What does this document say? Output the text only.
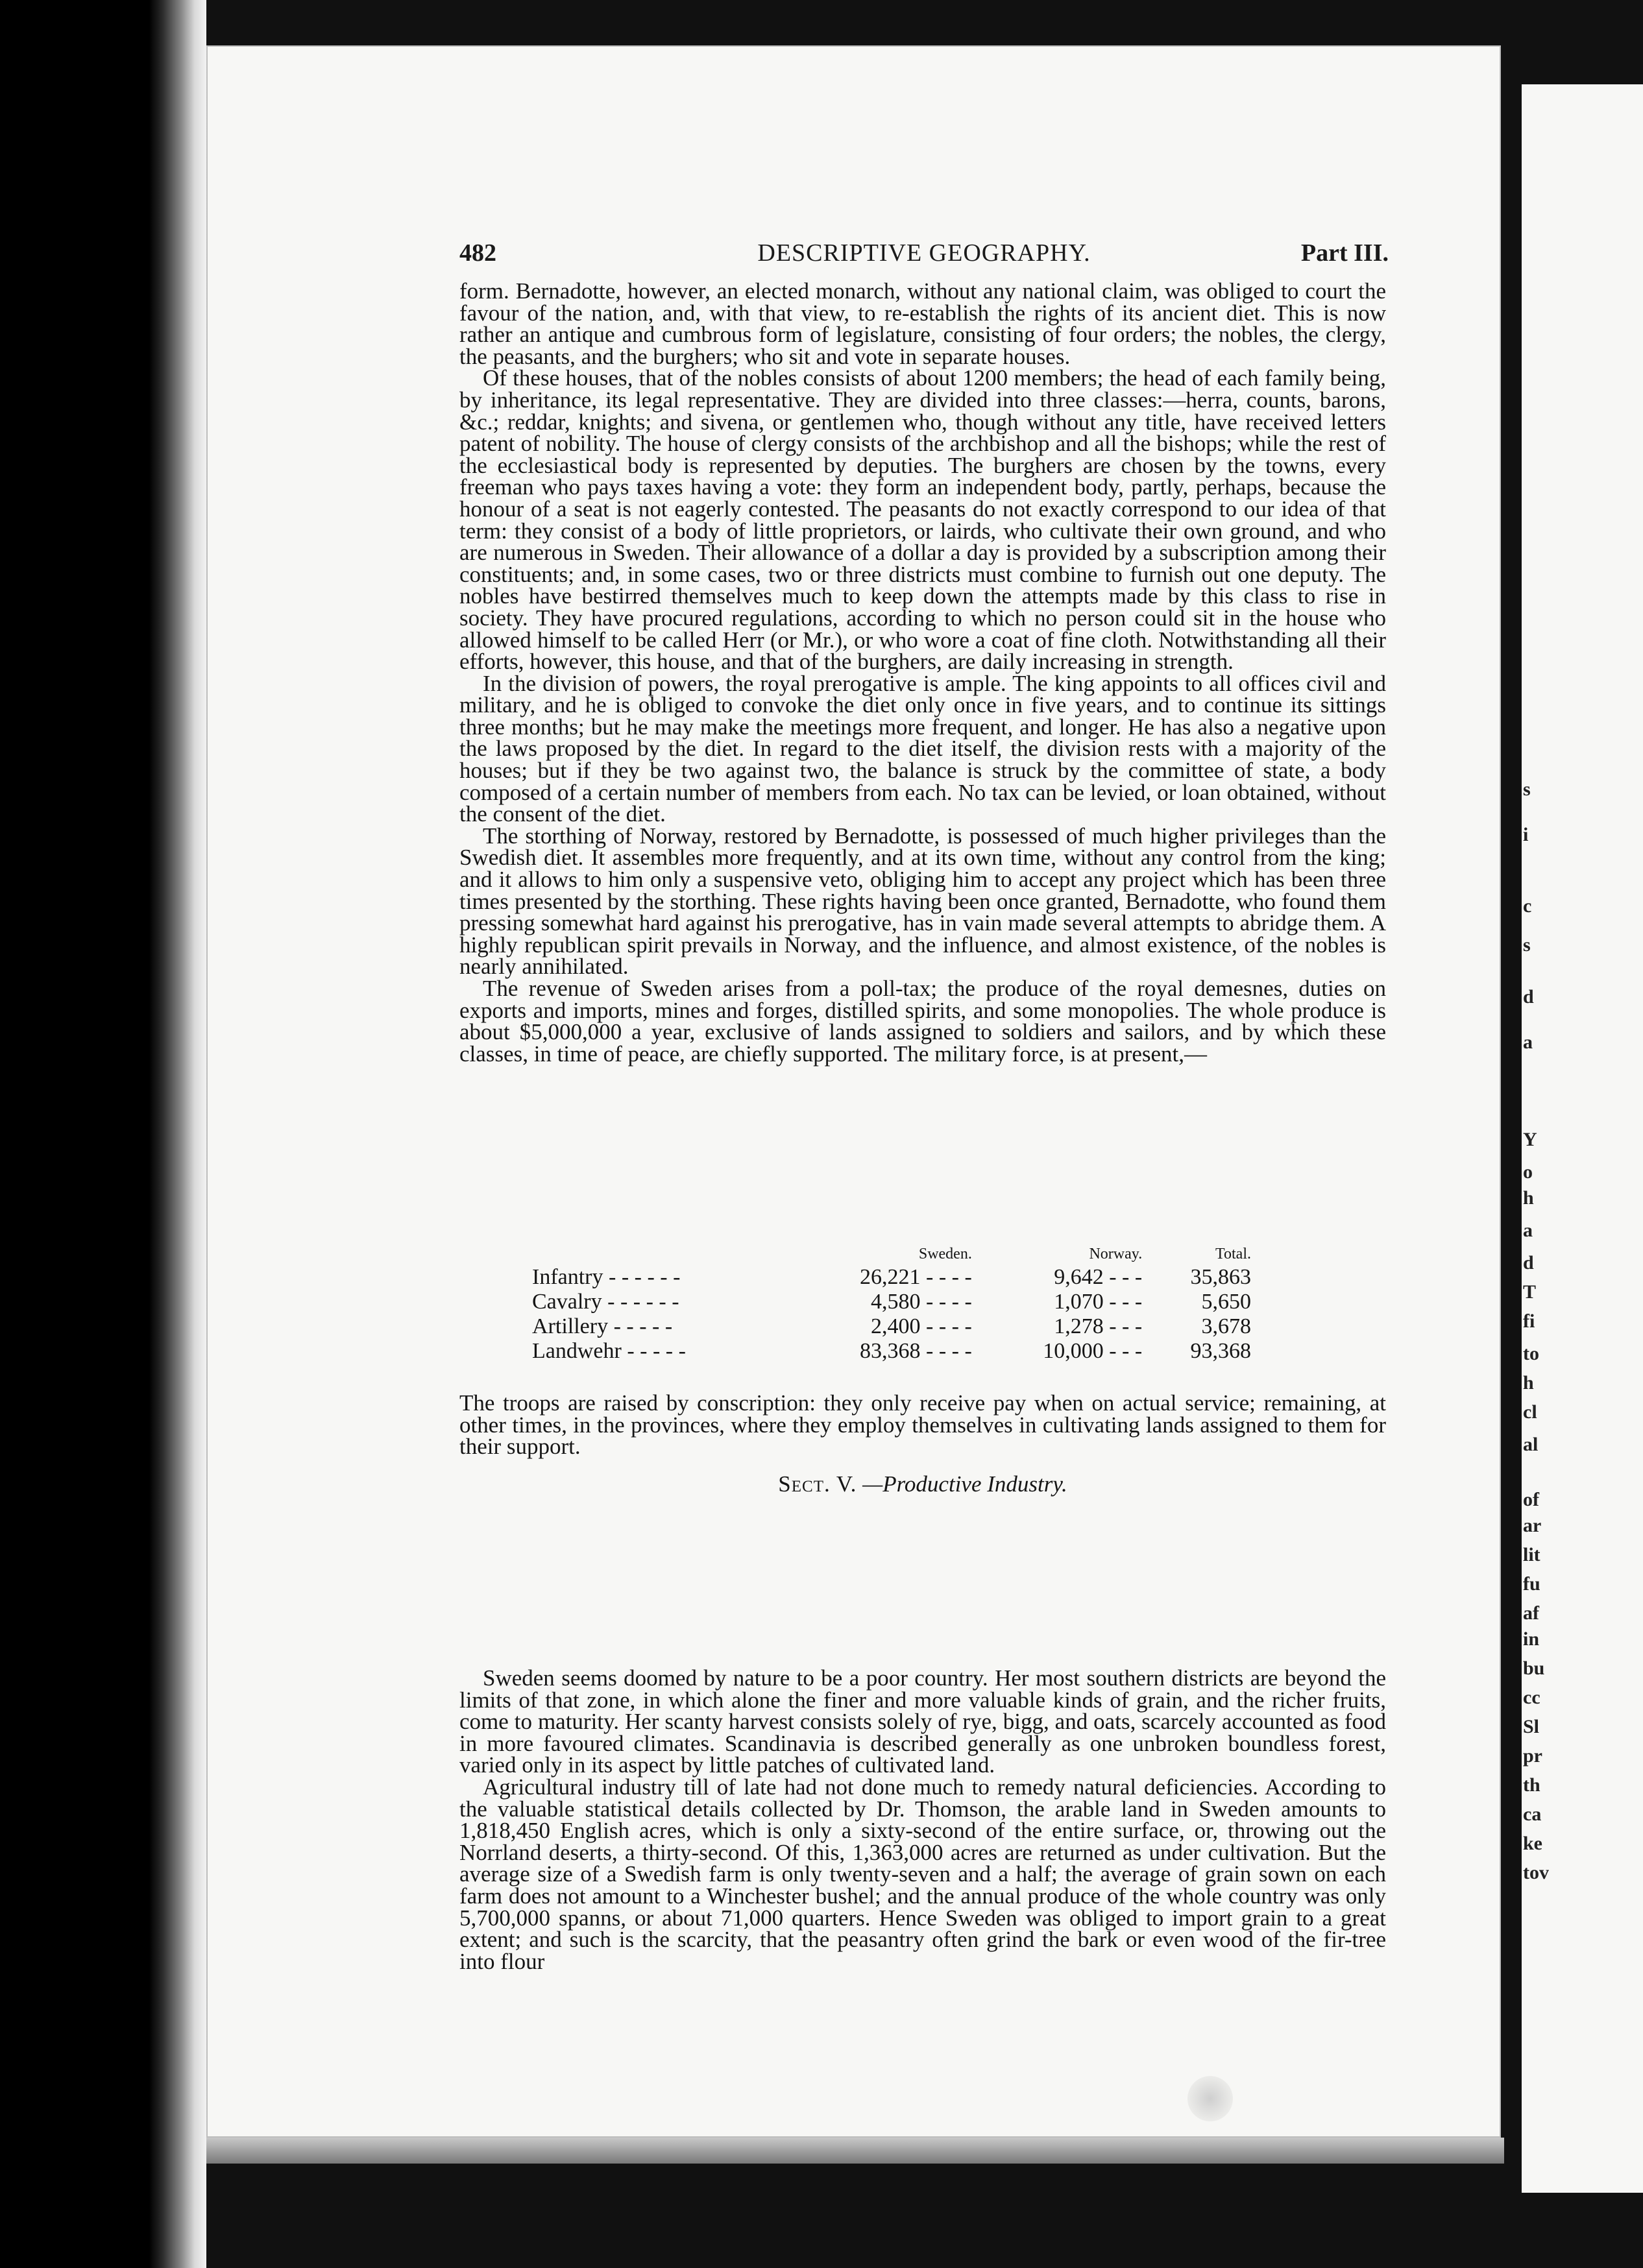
s
i
c
s
d
a
Y
o
h
a
d
T
fi
to
h
cl
al
of
ar
lit
fu
af
in
bu
cc
Sl
pr
th
ca
ke
tov
482	DESCRIPTIVE GEOGRAPHY.	Part III.

form. Bernadotte, however, an elected monarch, without any national claim, was obliged to court the favour of the nation, and, with that view, to re-establish the rights of its ancient diet. This is now rather an antique and cumbrous form of legislature, consisting of four orders; the nobles, the clergy, the peasants, and the burghers; who sit and vote in separate houses.

Of these houses, that of the nobles consists of about 1200 members; the head of each family being, by inheritance, its legal representative. They are divided into three classes:—herra, counts, barons, &c.; reddar, knights; and sivena, or gentlemen who, though without any title, have received letters patent of nobility. The house of clergy consists of the archbishop and all the bishops; while the rest of the ecclesiastical body is represented by deputies. The burghers are chosen by the towns, every freeman who pays taxes having a vote: they form an independent body, partly, perhaps, because the honour of a seat is not eagerly contested. The peasants do not exactly correspond to our idea of that term: they consist of a body of little proprietors, or lairds, who cultivate their own ground, and who are numerous in Sweden. Their allowance of a dollar a day is provided by a subscription among their constituents; and, in some cases, two or three districts must combine to furnish out one deputy. The nobles have bestirred themselves much to keep down the attempts made by this class to rise in society. They have procured regulations, according to which no person could sit in the house who allowed himself to be called Herr (or Mr.), or who wore a coat of fine cloth. Notwithstanding all their efforts, however, this house, and that of the burghers, are daily increasing in strength.

In the division of powers, the royal prerogative is ample. The king appoints to all offices civil and military, and he is obliged to convoke the diet only once in five years, and to continue its sittings three months; but he may make the meetings more frequent, and longer. He has also a negative upon the laws proposed by the diet. In regard to the diet itself, the division rests with a majority of the houses; but if they be two against two, the balance is struck by the committee of state, a body composed of a certain number of members from each. No tax can be levied, or loan obtained, without the consent of the diet.

The storthing of Norway, restored by Bernadotte, is possessed of much higher privileges than the Swedish diet. It assembles more frequently, and at its own time, without any control from the king; and it allows to him only a suspensive veto, obliging him to accept any project which has been three times presented by the storthing. These rights having been once granted, Bernadotte, who found them pressing somewhat hard against his prerogative, has in vain made several attempts to abridge them. A highly republican spirit prevails in Norway, and the influence, and almost existence, of the nobles is nearly annihilated.

The revenue of Sweden arises from a poll-tax; the produce of the royal demesnes, duties on exports and imports, mines and forges, distilled spirits, and some monopolies. The whole produce is about $5,000,000 a year, exclusive of lands assigned to soldiers and sailors, and by which these classes, in time of peace, are chiefly supported. The military force, is at present,—

	Sweden.	Norway.	Total.
Infantry - - - - - -	26,221 - - - -	9,642 - - -	35,863
Cavalry - - - - - -	4,580 - - - -	1,070 - - -	5,650
Artillery - - - - -	2,400 - - - -	1,278 - - -	3,678
Landwehr - - - - -	83,368 - - - -	10,000 - - -	93,368

The troops are raised by conscription: they only receive pay when on actual service; remaining, at other times, in the provinces, where they employ themselves in cultivating lands assigned to them for their support.

Sect. V. —Productive Industry.

Sweden seems doomed by nature to be a poor country. Her most southern districts are beyond the limits of that zone, in which alone the finer and more valuable kinds of grain, and the richer fruits, come to maturity. Her scanty harvest consists solely of rye, bigg, and oats, scarcely accounted as food in more favoured climates. Scandinavia is described generally as one unbroken boundless forest, varied only in its aspect by little patches of cultivated land.

Agricultural industry till of late had not done much to remedy natural deficiencies. According to the valuable statistical details collected by Dr. Thomson, the arable land in Sweden amounts to 1,818,450 English acres, which is only a sixty-second of the entire surface, or, throwing out the Norrland deserts, a thirty-second. Of this, 1,363,000 acres are returned as under cultivation. But the average size of a Swedish farm is only twenty-seven and a half; the average of grain sown on each farm does not amount to a Winchester bushel; and the annual produce of the whole country was only 5,700,000 spanns, or about 71,000 quarters. Hence Sweden was obliged to import grain to a great extent; and such is the scarcity, that the peasantry often grind the bark or even wood of the fir-tree into flour
